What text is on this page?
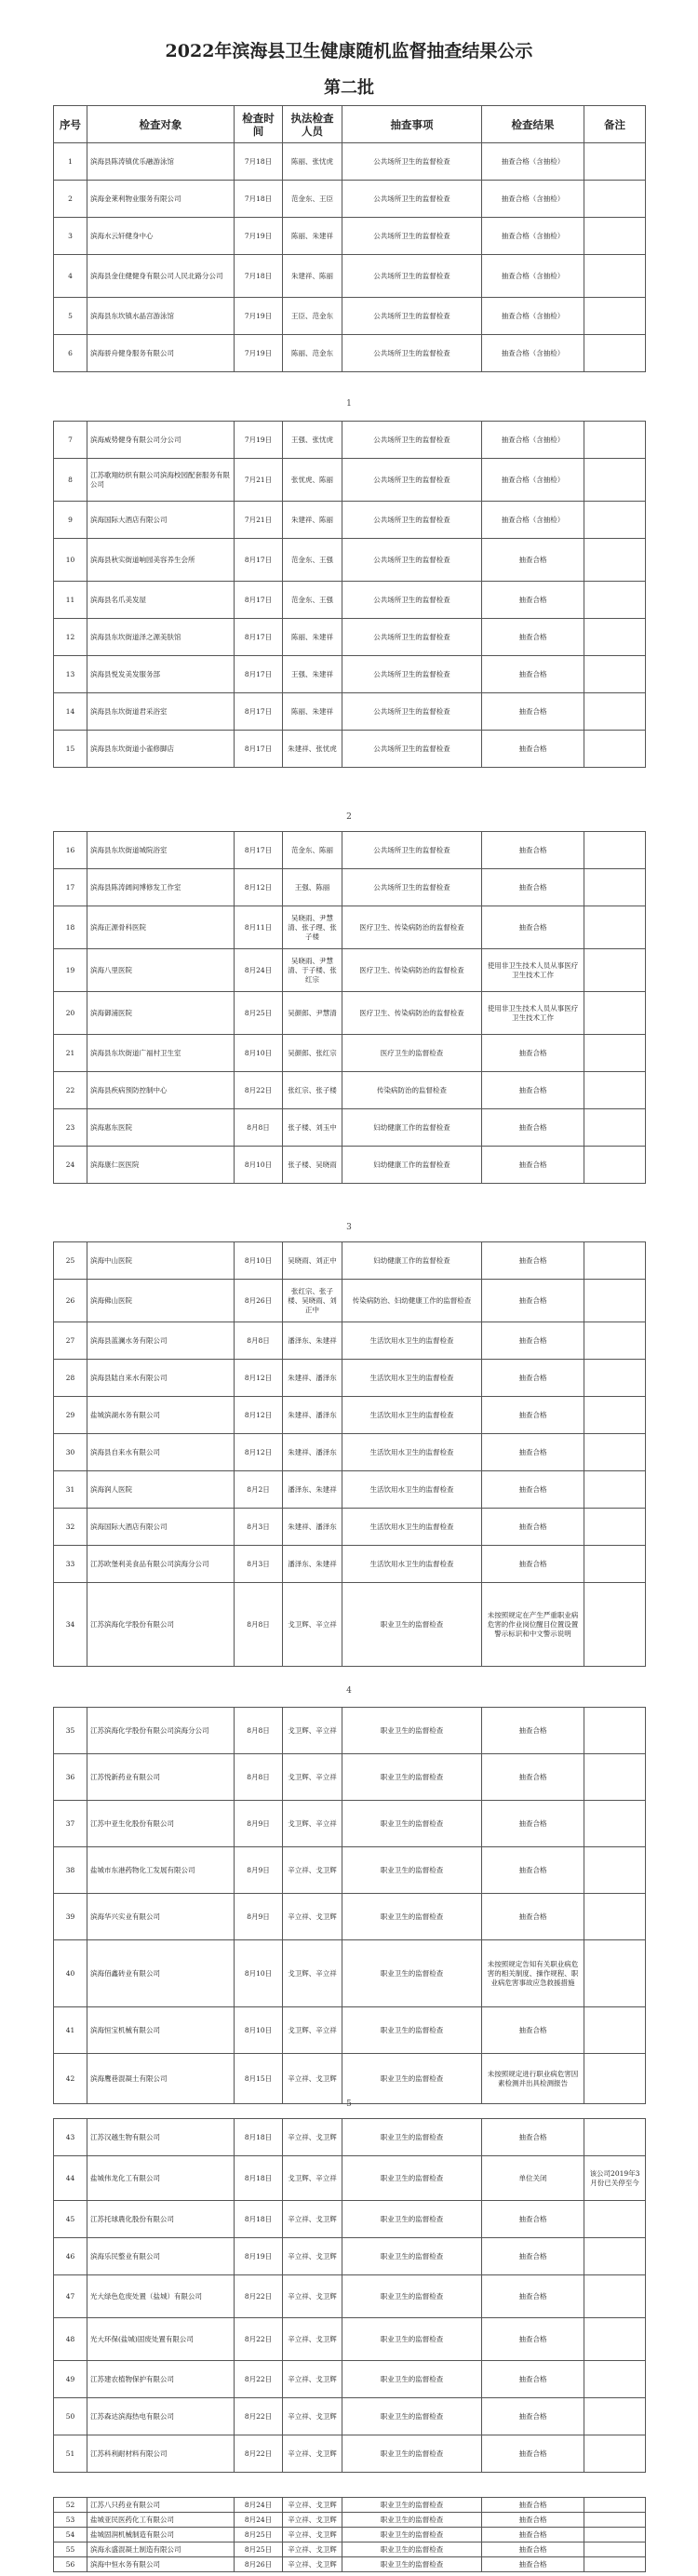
2022年滨海县卫生健康随机监督抽查结果公示
第二批
序号	检查对象	检查时间	执法检查人员	抽查事项	检查结果	备注
1	滨海县陈涛镇优乐融游泳馆	7月18日	陈丽、张忧虎	公共场所卫生的监督检查	抽查合格（含抽检）	
2	滨海金莱利物业服务有限公司	7月18日	范金东、王臣	公共场所卫生的监督检查	抽查合格（含抽检）	
3	滨海水云轩健身中心	7月19日	陈丽、朱建祥	公共场所卫生的监督检查	抽查合格（含抽检）	
4	滨海县金住健健身有限公司人民北路分公司	7月18日	朱建祥、陈丽	公共场所卫生的监督检查	抽查合格（含抽检）	
5	滨海县东坎镇水晶宫游泳馆	7月19日	王臣、范金东	公共场所卫生的监督检查	抽查合格（含抽检）	
6	滨海骄舟健身服务有限公司	7月19日	陈丽、范金东	公共场所卫生的监督检查	抽查合格（含抽检）	
1
7	滨海威势健身有限公司分公司	7月19日	王强、张忧虎	公共场所卫生的监督检查	抽查合格（含抽检）	
8	江苏歌翔纺织有限公司滨海校园配套服务有限公司	7月21日	张忧虎、陈丽	公共场所卫生的监督检查	抽查合格（含抽检）	
9	滨海国际大酒店有限公司	7月21日	朱建祥、陈丽	公共场所卫生的监督检查	抽查合格（含抽检）	
10	滨海县秋实街道响园美容养生会所	8月17日	范金东、王强	公共场所卫生的监督检查	抽查合格	
11	滨海县名爪美发屋	8月17日	范金东、王强	公共场所卫生的监督检查	抽查合格	
12	滨海县东坎街道泽之源美肤馆	8月17日	陈丽、朱建祥	公共场所卫生的监督检查	抽查合格	
13	滨海县悦发美发服务部	8月17日	王强、朱建祥	公共场所卫生的监督检查	抽查合格	
14	滨海县东坎街道君采浴室	8月17日	陈丽、朱建祥	公共场所卫生的监督检查	抽查合格	
15	滨海县东坎街道小雀修脚店	8月17日	朱建祥、张忧虎	公共场所卫生的监督检查	抽查合格	
2
16	滨海县东坎街道城院浴室	8月17日	范金东、陈丽	公共场所卫生的监督检查	抽查合格	
17	滨海县陈涛阔间博修发工作室	8月12日	王强、陈丽	公共场所卫生的监督检查	抽查合格	
18	滨海正源骨科医院	8月11日	吴晓雨、尹慧清、张子理、张子楼	医疗卫生、传染病防治的监督检查	抽查合格	
19	滨海八里医院	8月24日	吴晓雨、尹慧清、于子楼、张红宗	医疗卫生、传染病防治的监督检查	使用非卫生技术人员从事医疗卫生技术工作	
20	滨海御浦医院	8月25日	吴颜郎、尹慧清	医疗卫生、传染病防治的监督检查	使用非卫生技术人员从事医疗卫生技术工作	
21	滨海县东坎街道广福村卫生室	8月10日	吴颜郎、张红宗	医疗卫生的监督检查	抽查合格	
22	滨海县疾病预防控制中心	8月22日	张红宗、张子楼	传染病防治的监督检查	抽查合格	
23	滨海惠东医院	8月8日	张子楼、刘玉中	妇幼健康工作的监督检查	抽查合格	
24	滨海康仁医医院	8月10日	张子楼、吴晓雨	妇幼健康工作的监督检查	抽查合格	
3
25	滨海中山医院	8月10日	吴晓雨、刘正中	妇幼健康工作的监督检查	抽查合格	
26	滨海佛山医院	8月26日	张红宗、张子楼、吴晓雨、刘正中	传染病防治、妇幼健康工作的监督检查	抽查合格	
27	滨海县蓝澜水务有限公司	8月8日	潘泽东、朱建祥	生活饮用水卫生的监督检查	抽查合格	
28	滨海县陆自来水有限公司	8月12日	朱建祥、潘泽东	生活饮用水卫生的监督检查	抽查合格	
29	盐城滨湖水务有限公司	8月12日	朱建祥、潘泽东	生活饮用水卫生的监督检查	抽查合格	
30	滨海县自来水有限公司	8月12日	朱建祥、潘泽东	生活饮用水卫生的监督检查	抽查合格	
31	滨海润人医院	8月2日	潘泽东、朱建祥	生活饮用水卫生的监督检查	抽查合格	
32	滨海国际大酒店有限公司	8月3日	朱建祥、潘泽东	生活饮用水卫生的监督检查	抽查合格	
33	江苏欧堡利美食品有限公司滨海分公司	8月3日	潘泽东、朱建祥	生活饮用水卫生的监督检查	抽查合格	
34	江苏滨海化学股份有限公司	8月8日	戈卫辉、辛立祥	职业卫生的监督检查	未按照规定在产生严重职业病危害的作业岗位醒目位置设置警示标识和中文警示说明	
4
35	江苏滨海化学股份有限公司滨海分公司	8月8日	戈卫辉、辛立祥	职业卫生的监督检查	抽查合格	
36	江苏悦新药业有限公司	8月8日	戈卫辉、辛立祥	职业卫生的监督检查	抽查合格	
37	江苏中亚生化股份有限公司	8月9日	戈卫辉、辛立祥	职业卫生的监督检查	抽查合格	
38	盐城市东港药物化工发展有限公司	8月9日	辛立祥、戈卫辉	职业卫生的监督检查	抽查合格	
39	滨海华兴实业有限公司	8月9日	辛立祥、戈卫辉	职业卫生的监督检查	抽查合格	
40	滨海佰鑫砖业有限公司	8月10日	戈卫辉、辛立祥	职业卫生的监督检查	未按照规定告知有关职业病危害的相关制度、操作规程、职业病危害事故应急救援措施	
41	滨海恒宝机械有限公司	8月10日	戈卫辉、辛立祥	职业卫生的监督检查	抽查合格	
42	滨海鹰巷混凝土有限公司	8月15日	辛立祥、戈卫辉	职业卫生的监督检查	未按照规定进行职业病危害因素检测并出具检测报告	
5
43	江苏汉越生物有限公司	8月18日	辛立祥、戈卫辉	职业卫生的监督检查	抽查合格	
44	盐城伟龙化工有限公司	8月18日	戈卫辉、辛立祥	职业卫生的监督检查	单位关闭	该公司2019年3月份已关停至今
45	江苏托球農化股份有限公司	8月18日	辛立祥、戈卫辉	职业卫生的监督检查	抽查合格	
46	滨海乐民整业有限公司	8月19日	辛立祥、戈卫辉	职业卫生的监督检查	抽查合格	
47	光大绿色危废处置（盐城）有限公司	8月22日	辛立祥、戈卫辉	职业卫生的监督检查	抽查合格	
48	光大环保(盐城)固废处置有限公司	8月22日	辛立祥、戈卫辉	职业卫生的监督检查	抽查合格	
49	江苏建农植物保护有限公司	8月22日	辛立祥、戈卫辉	职业卫生的监督检查	抽查合格	
50	江苏森达滨海热电有限公司	8月22日	辛立祥、戈卫辉	职业卫生的监督检查	抽查合格	
51	江苏科利耐材料有限公司	8月22日	辛立祥、戈卫辉	职业卫生的监督检查	抽查合格	
52	江苏八只药业有限公司	8月24日	辛立祥、戈卫辉	职业卫生的监督检查	抽查合格	
53	盐城亚民医药化工有限公司	8月24日	辛立祥、戈卫辉	职业卫生的监督检查	抽查合格	
54	盐城固润机械制造有限公司	8月25日	辛立祥、戈卫辉	职业卫生的监督检查	抽查合格	
55	滨海永盛混凝土制造有限公司	8月25日	辛立祥、戈卫辉	职业卫生的监督检查	抽查合格	
56	滨海中恒水务有限公司	8月26日	辛立祥、戈卫辉	职业卫生的监督检查	抽查合格	
